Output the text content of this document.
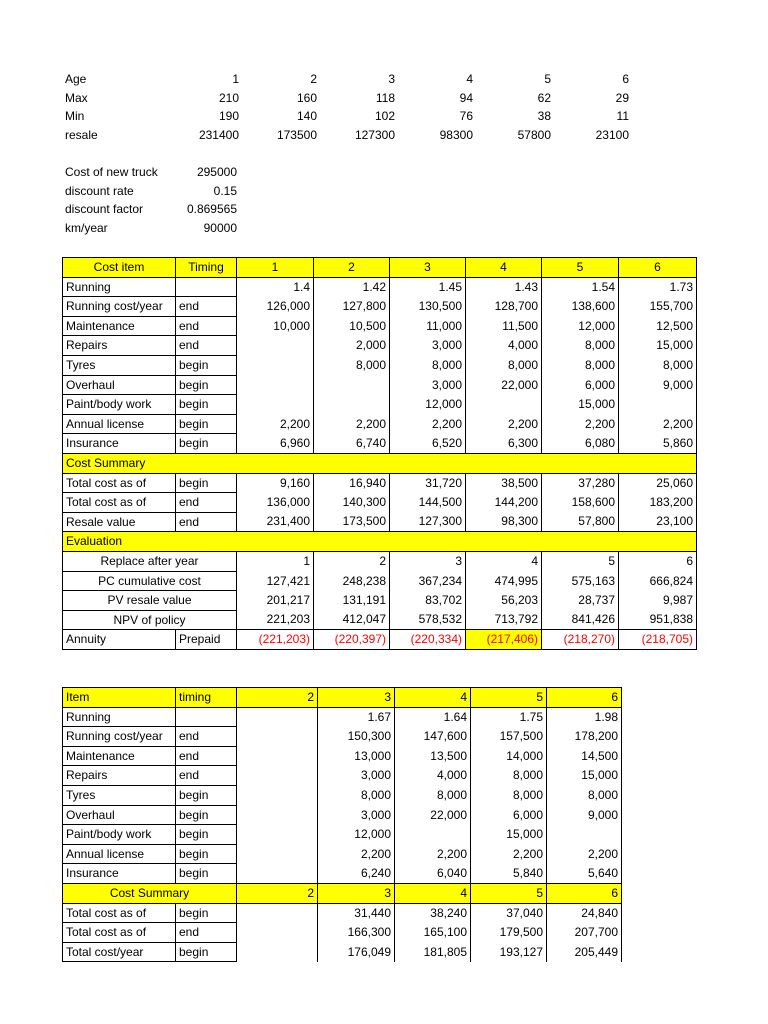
Age	1	2	3	4	5	6
Max	210	160	118	94	62	29
Min	190	140	102	76	38	11
resale	231400	173500	127300	98300	57800	23100
Cost of new truck	295000
discount rate	0.15
discount factor	0.869565
km/year	90000
Cost item	Timing	1	2	3	4	5	6
Running		1.4	1.42	1.45	1.43	1.54	1.73
Running cost/year	end	126,000	127,800	130,500	128,700	138,600	155,700
Maintenance	end	10,000	10,500	11,000	11,500	12,000	12,500
Repairs	end		2,000	3,000	4,000	8,000	15,000
Tyres	begin		8,000	8,000	8,000	8,000	8,000
Overhaul	begin			3,000	22,000	6,000	9,000
Paint/body work	begin			12,000		15,000	
Annual license	begin	2,200	2,200	2,200	2,200	2,200	2,200
Insurance	begin	6,960	6,740	6,520	6,300	6,080	5,860
Cost Summary							
Total cost as of	begin	9,160	16,940	31,720	38,500	37,280	25,060
Total cost as of	end	136,000	140,300	144,500	144,200	158,600	183,200
Resale value	end	231,400	173,500	127,300	98,300	57,800	23,100
Evaluation							
Replace after year		1	2	3	4	5	6
PC cumulative cost		127,421	248,238	367,234	474,995	575,163	666,824
PV resale value		201,217	131,191	83,702	56,203	28,737	9,987
NPV of policy		221,203	412,047	578,532	713,792	841,426	951,838
Annuity	Prepaid	(221,203)	(220,397)	(220,334)	(217,406)	(218,270)	(218,705)
Item	timing	2	3	4	5	6
Running			1.67	1.64	1.75	1.98
Running cost/year	end		150,300	147,600	157,500	178,200
Maintenance	end		13,000	13,500	14,000	14,500
Repairs	end		3,000	4,000	8,000	15,000
Tyres	begin		8,000	8,000	8,000	8,000
Overhaul	begin		3,000	22,000	6,000	9,000
Paint/body work	begin		12,000		15,000	
Annual license	begin		2,200	2,200	2,200	2,200
Insurance	begin		6,240	6,040	5,840	5,640
Cost Summary		2	3	4	5	6
Total cost as of	begin		31,440	38,240	37,040	24,840
Total cost as of	end		166,300	165,100	179,500	207,700
Total cost/year	begin		176,049	181,805	193,127	205,449
